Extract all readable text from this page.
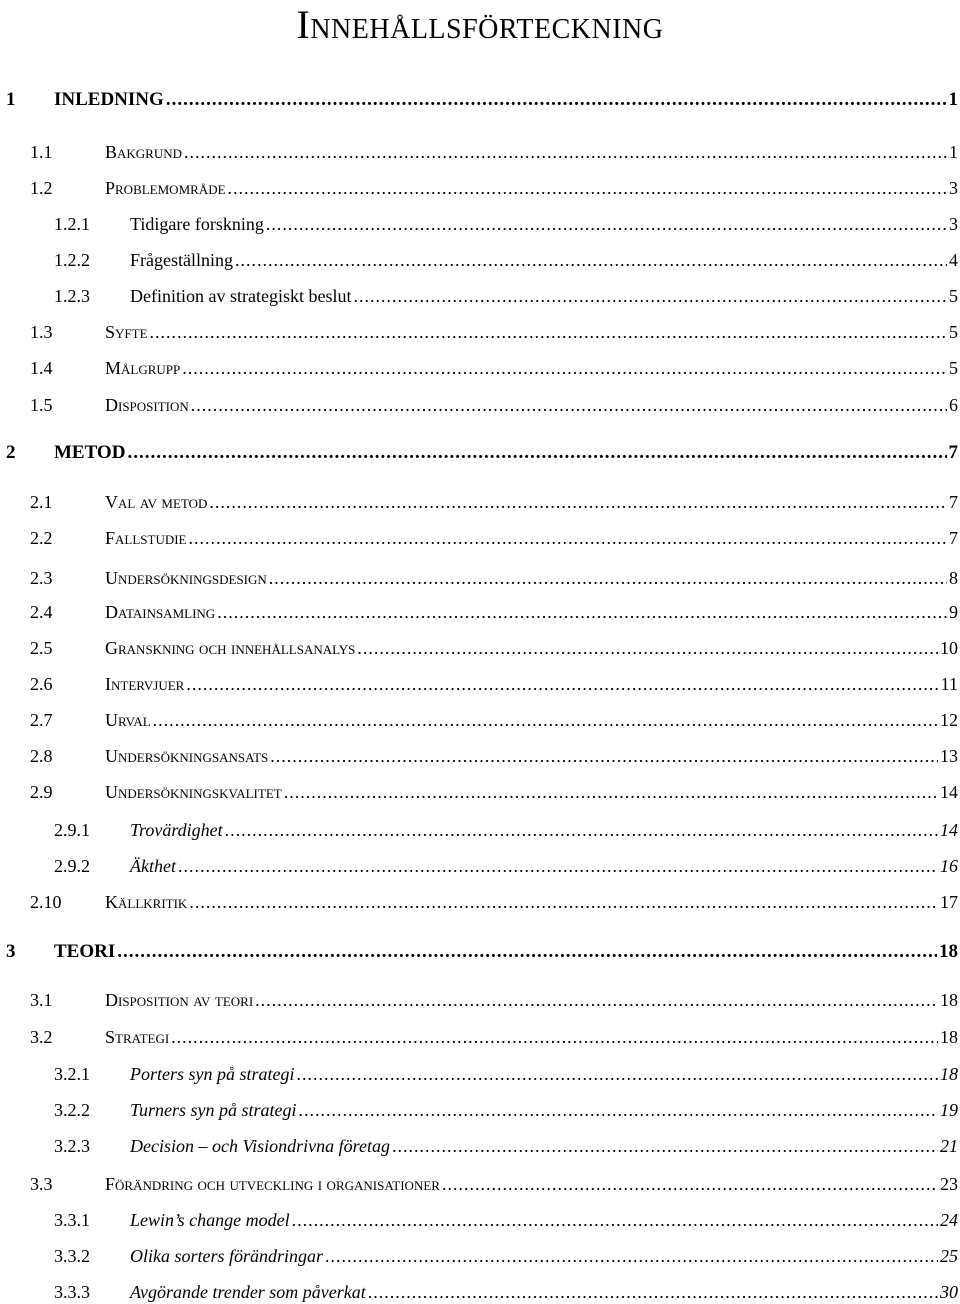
Innehållsförteckning
1	INLEDNING .....	1
1.1	Bakgrund .....	1
1.2	Problemområde .....	3
1.2.1	Tidigare forskning .....	3
1.2.2	Frågeställning .....	4
1.2.3	Definition av strategiskt beslut .....	5
1.3	Syfte .....	5
1.4	Målgrupp .....	5
1.5	Disposition .....	6
2	METOD .....	7
2.1	Val av metod .....	7
2.2	Fallstudie .....	7
2.3	Undersökningsdesign .....	8
2.4	Datainsamling .....	9
2.5	Granskning och innehållsanalys .....	10
2.6	Intervjuer .....	11
2.7	Urval .....	12
2.8	Undersökningsansats .....	13
2.9	Undersökningskvalitet .....	14
2.9.1	Trovärdighet .....	14
2.9.2	Äkthet .....	16
2.10	Källkritik .....	17
3	TEORI .....	18
3.1	Disposition av teori .....	18
3.2	Strategi .....	18
3.2.1	Porters syn på strategi .....	18
3.2.2	Turners syn på strategi .....	19
3.2.3	Decision – och Visiondrivna företag .....	21
3.3	Förändring och utveckling i organisationer .....	23
3.3.1	Lewin’s change model .....	24
3.3.2	Olika sorters förändringar .....	25
3.3.3	Avgörande trender som påverkat .....	30
